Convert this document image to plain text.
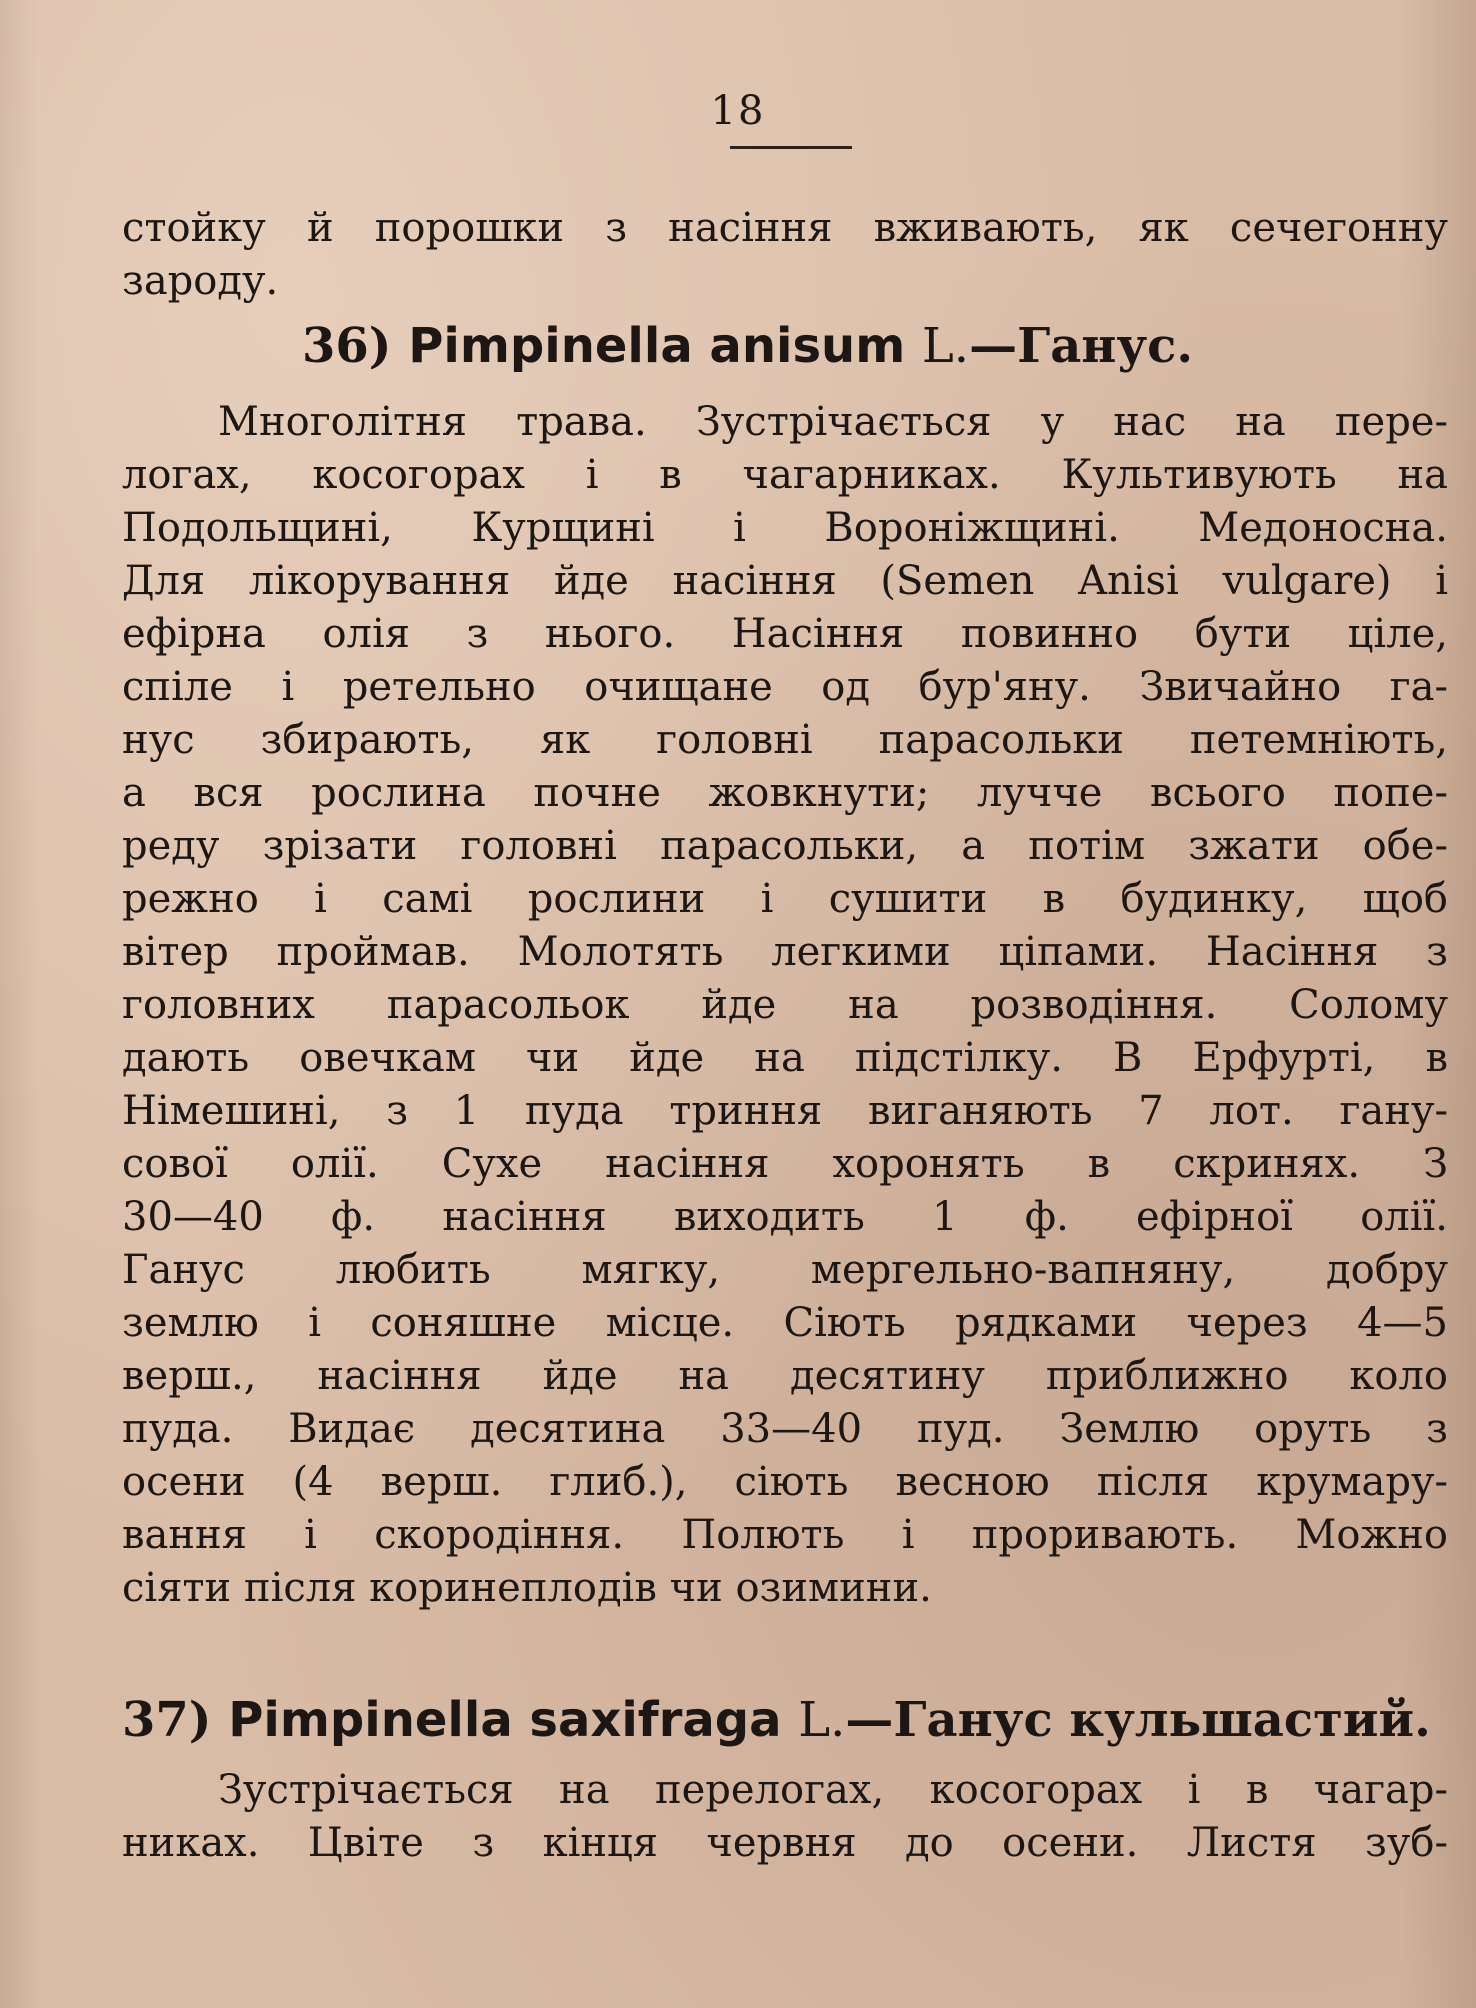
18
стойку й порошки з насіння вживають, як сечегонну
зароду.
36) Pimpinella anisum L.—Ганус.
Многолітня трава. Зустрічається у нас на пере-
логах, косогорах і в чагарниках. Культивують на
Подольщині, Курщині і Вороніжщині. Медоносна.
Для лікорування йде насіння (Semen Anisi vulgare) і
ефірна олія з нього. Насіння повинно бути ціле,
спіле і ретельно очищане од бур'яну. Звичайно га-
нус збирають, як головні парасольки петемніють,
а вся рослина почне жовкнути; лучче всього попе-
реду зрізати головні парасольки, а потім зжати обе-
режно і самі рослини і сушити в будинку, щоб
вітер проймав. Молотять легкими ціпами. Насіння з
головних парасольок йде на розводіння. Солому
дають овечкам чи йде на підстілку. В Ерфурті, в
Німешині, з 1 пуда триння виганяють 7 лот. гану-
сової олії. Сухе насіння хоронять в скринях. З
30—40 ф. насіння виходить 1 ф. ефірної олії.
Ганус любить мягку, мергельно-вапняну, добру
землю і соняшне місце. Сіють рядками через 4—5
верш., насіння йде на десятину приближно коло
пуда. Видає десятина 33—40 пуд. Землю оруть з
осени (4 верш. глиб.), сіють весною після крумару-
вання і скородіння. Полють і проривають. Можно
сіяти після коринеплодів чи озимини.
37) Pimpinella saxifraga L.—Ганус кульшастий.
Зустрічається на перелогах, косогорах і в чагар-
никах. Цвіте з кінця червня до осени. Листя зуб-
